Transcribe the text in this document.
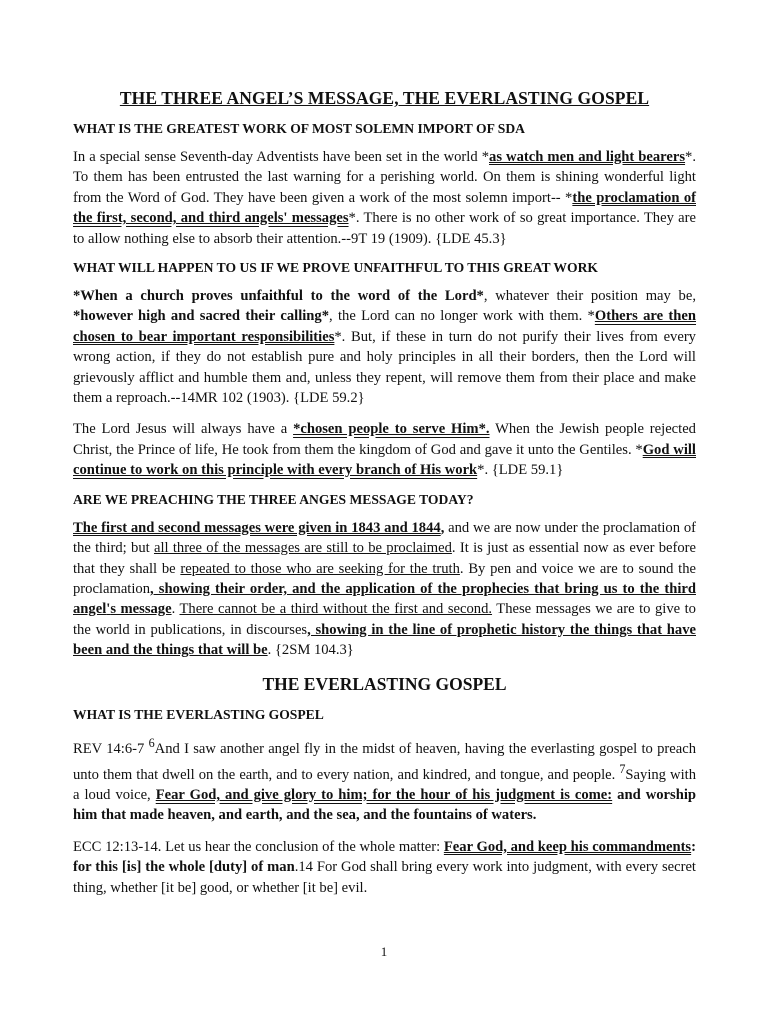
THE THREE ANGEL’S MESSAGE, THE EVERLASTING GOSPEL
WHAT IS THE GREATEST WORK OF MOST SOLEMN IMPORT OF SDA

In a special sense Seventh-day Adventists have been set in the world *as watch men and light bearers*. To them has been entrusted the last warning for a perishing world. On them is shining wonderful light from the Word of God. They have been given a work of the most solemn import-- *the proclamation of the first, second, and third angels' messages*. There is no other work of so great importance. They are to allow nothing else to absorb their attention.--9T 19 (1909). {LDE 45.3}

WHAT WILL HAPPEN TO US IF WE PROVE UNFAITHFUL TO THIS GREAT WORK

*When a church proves unfaithful to the word of the Lord*, whatever their position may be, *however high and sacred their calling*, the Lord can no longer work with them. *Others are then chosen to bear important responsibilities*. But, if these in turn do not purify their lives from every wrong action, if they do not establish pure and holy principles in all their borders, then the Lord will grievously afflict and humble them and, unless they repent, will remove them from their place and make them a reproach.--14MR 102 (1903). {LDE 59.2}

The Lord Jesus will always have a *chosen people to serve Him*. When the Jewish people rejected Christ, the Prince of life, He took from them the kingdom of God and gave it unto the Gentiles. *God will continue to work on this principle with every branch of His work*. {LDE 59.1}

ARE WE PREACHING THE THREE ANGES MESSAGE TODAY?

The first and second messages were given in 1843 and 1844, and we are now under the proclamation of the third; but all three of the messages are still to be proclaimed. It is just as essential now as ever before that they shall be repeated to those who are seeking for the truth. By pen and voice we are to sound the proclamation, showing their order, and the application of the prophecies that bring us to the third angel's message. There cannot be a third without the first and second. These messages we are to give to the world in publications, in discourses, showing in the line of prophetic history the things that have been and the things that will be. {2SM 104.3}

THE EVERLASTING GOSPEL
WHAT IS THE EVERLASTING GOSPEL

REV 14:6-7 $^6$And I saw another angel fly in the midst of heaven, having the everlasting gospel to preach unto them that dwell on the earth, and to every nation, and kindred, and tongue, and people. $^7$Saying with a loud voice, Fear God, and give glory to him; for the hour of his judgment is come: and worship him that made heaven, and earth, and the sea, and the fountains of waters.

ECC 12:13-14. Let us hear the conclusion of the whole matter: Fear God, and keep his commandments: for this [is] the whole [duty] of man.14 For God shall bring every work into judgment, with every secret thing, whether [it be] good, or whether [it be] evil.

1
